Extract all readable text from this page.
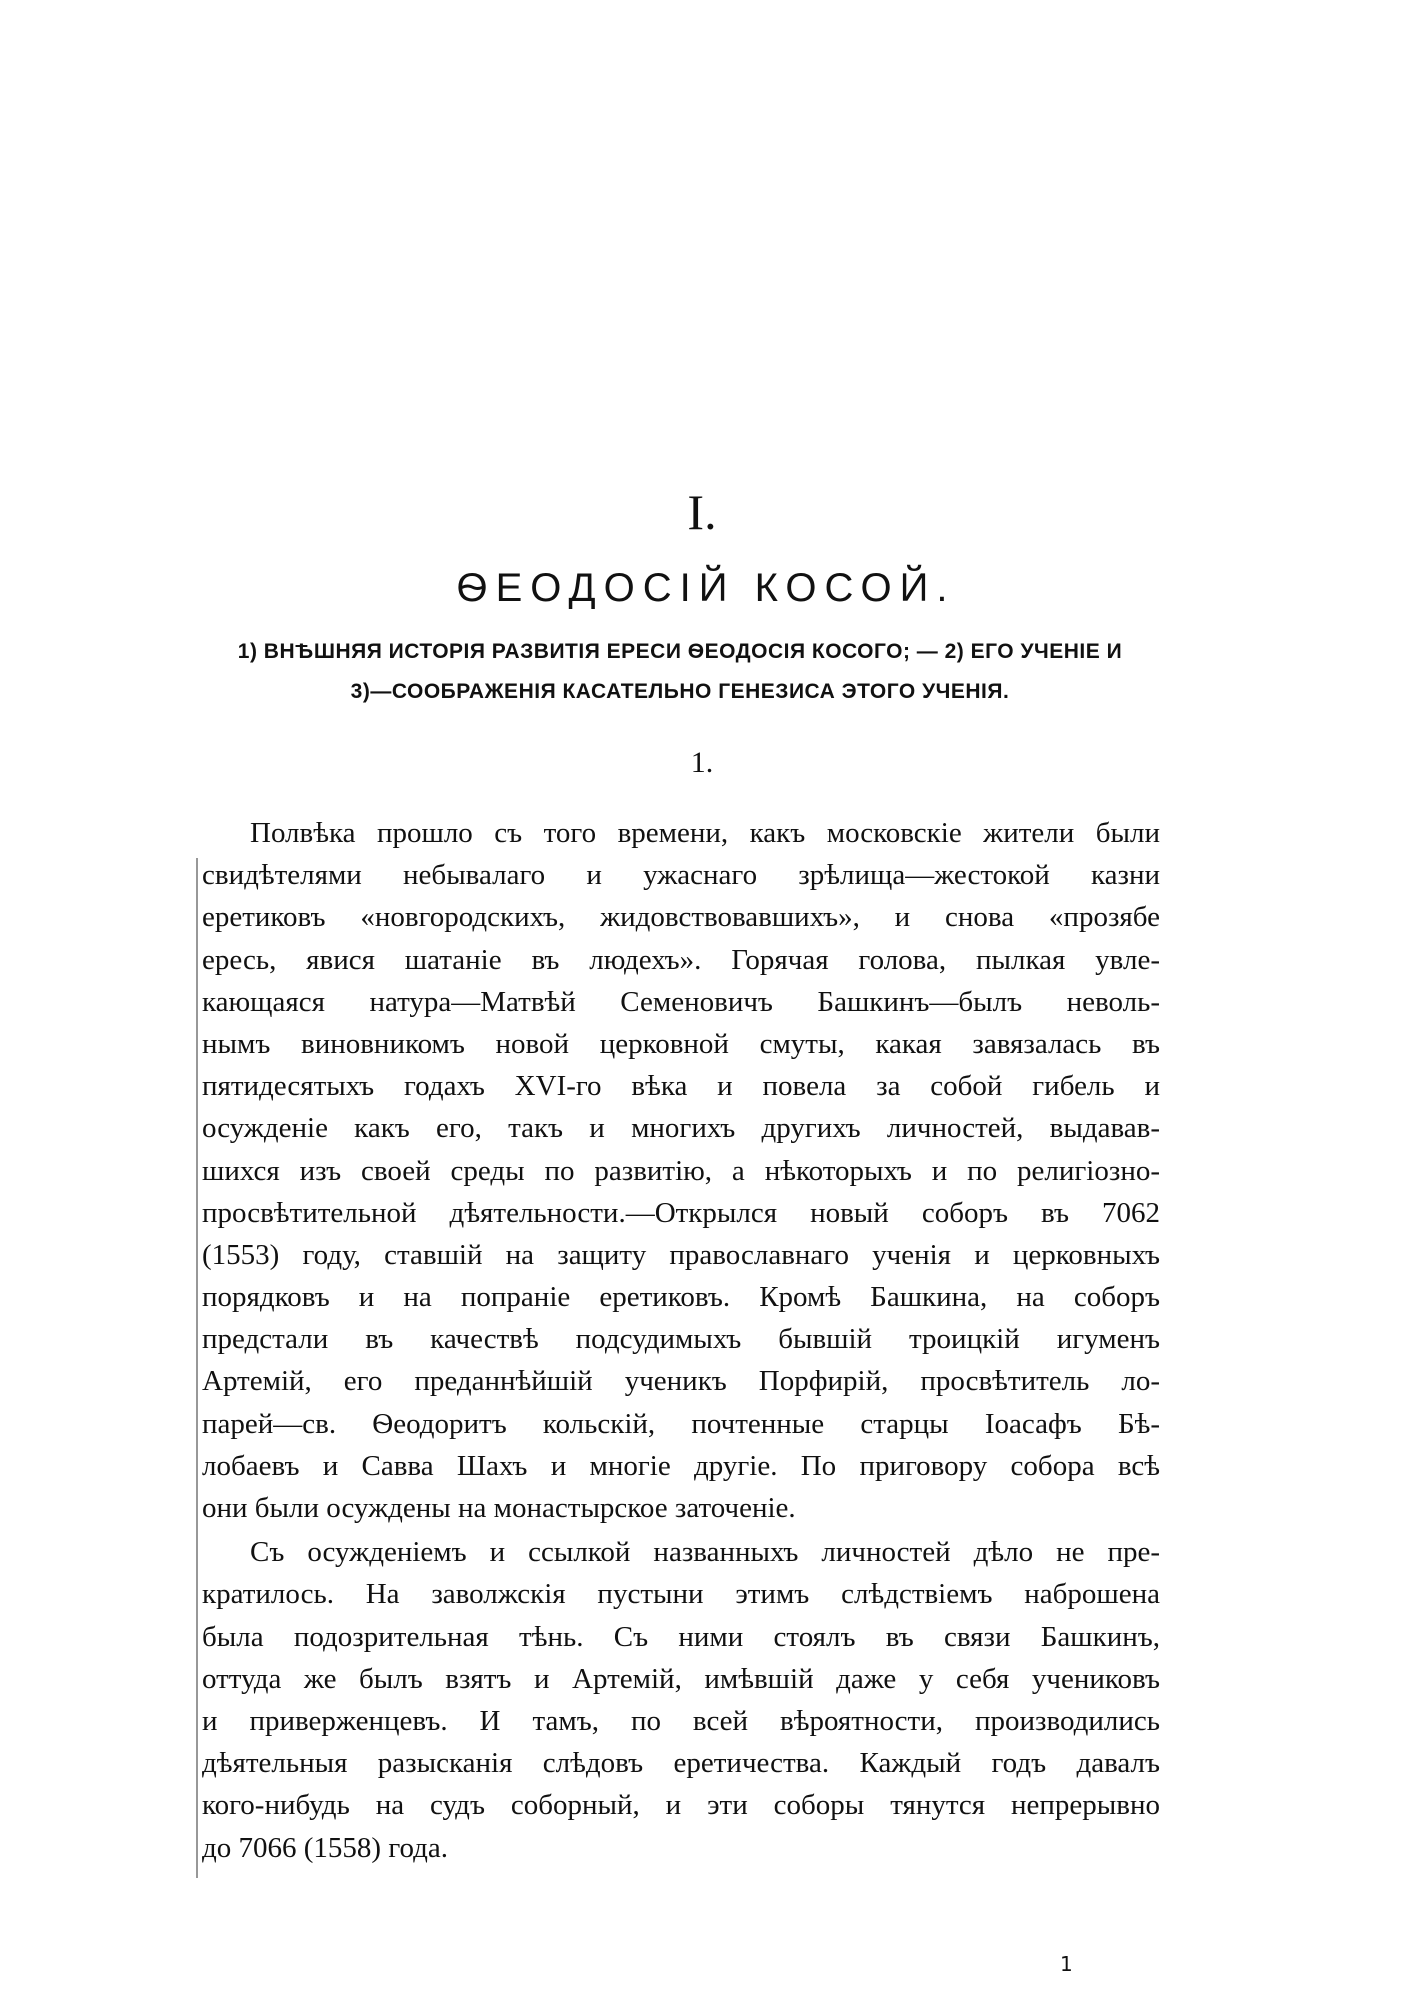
I.
ѲЕОДОСІЙ КОСОЙ.
1) ВНѢШНЯЯ ИСТОРІЯ РАЗВИТІЯ ЕРЕСИ ѲЕОДОСІЯ КОСОГО; — 2) ЕГО УЧЕНІЕ И
3)—СООБРАЖЕНІЯ КАСАТЕЛЬНО ГЕНЕЗИСА ЭТОГО УЧЕНІЯ.
1.
Полвѣка прошло съ того времени, какъ московскіе жители были
свидѣтелями небывалаго и ужаснаго зрѣлища—жестокой казни
еретиковъ «новгородскихъ, жидовствовавшихъ», и снова «прозябе
ересь, явися шатаніе въ людехъ». Горячая голова, пылкая увле-
кающаяся натура—Матвѣй Семеновичъ Башкинъ—былъ неволь-
нымъ виновникомъ новой церковной смуты, какая завязалась въ
пятидесятыхъ годахъ XVI-го вѣка и повела за собой гибель и
осужденіе какъ его, такъ и многихъ другихъ личностей, выдавав-
шихся изъ своей среды по развитію, а нѣкоторыхъ и по религіозно-
просвѣтительной дѣятельности.—Открылся новый соборъ въ 7062
(1553) году, ставшій на защиту православнаго ученія и церковныхъ
порядковъ и на попраніе еретиковъ. Кромѣ Башкина, на соборъ
предстали въ качествѣ подсудимыхъ бывшій троицкій игуменъ
Артемій, его преданнѣйшій ученикъ Порфирій, просвѣтитель ло-
парей—св. Ѳеодоритъ кольскій, почтенные старцы Іоасафъ Бѣ-
лобаевъ и Савва Шахъ и многіе другіе. По приговору собора всѣ
они были осуждены на монастырское заточеніе.
Съ осужденіемъ и ссылкой названныхъ личностей дѣло не пре-
кратилось. На заволжскія пустыни этимъ слѣдствіемъ наброшена
была подозрительная тѣнь. Съ ними стоялъ въ связи Башкинъ,
оттуда же былъ взятъ и Артемій, имѣвшій даже у себя учениковъ
и приверженцевъ. И тамъ, по всей вѣроятности, производились
дѣятельныя разысканія слѣдовъ еретичества. Каждый годъ давалъ
кого-нибудь на судъ соборный, и эти соборы тянутся непрерывно
до 7066 (1558) года.
1
